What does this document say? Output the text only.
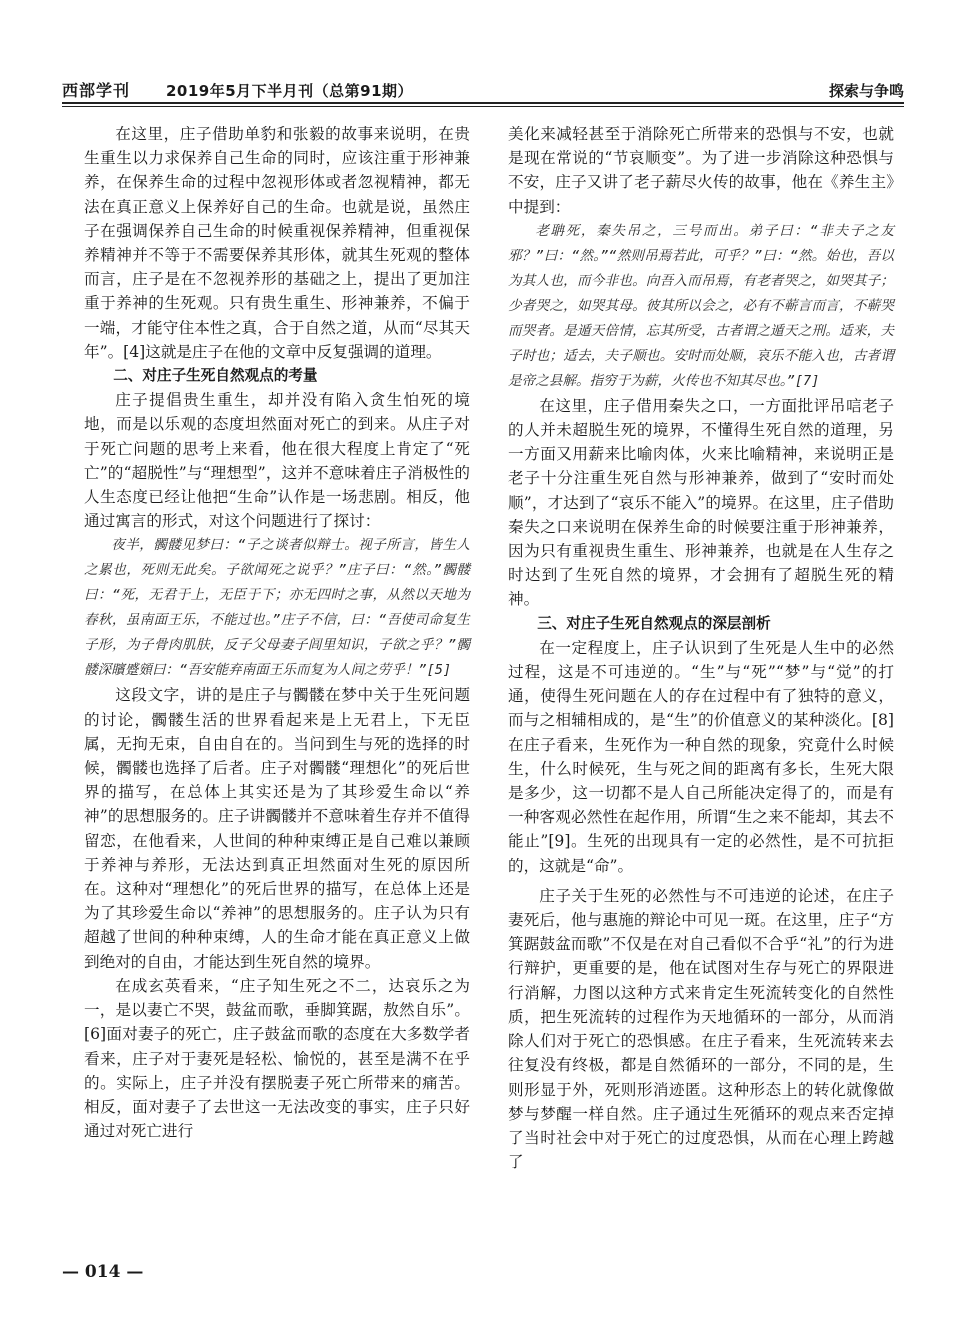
西部学刊 2019年5月下半月刊（总第91期）	探索与争鸣

在这里，庄子借助单豹和张毅的故事来说明，在贵生重生以力求保养自己生命的同时，应该注重于形神兼养，在保养生命的过程中忽视形体或者忽视精神，都无法在真正意义上保养好自己的生命。也就是说，虽然庄子在强调保养自己生命的时候重视保养精神，但重视保养精神并不等于不需要保养其形体，就其生死观的整体而言，庄子是在不忽视养形的基础之上，提出了更加注重于养神的生死观。只有贵生重生、形神兼养，不偏于一端，才能守住本性之真，合于自然之道，从而“尽其天年”。[4]这就是庄子在他的文章中反复强调的道理。

二、对庄子生死自然观点的考量

庄子提倡贵生重生，却并没有陷入贪生怕死的境地，而是以乐观的态度坦然面对死亡的到来。从庄子对于死亡问题的思考上来看，他在很大程度上肯定了“死亡”的“超脱性”与“理想型”，这并不意味着庄子消极性的人生态度已经让他把“生命”认作是一场悲剧。相反，他通过寓言的形式，对这个问题进行了探讨：

夜半，髑髅见梦曰：“子之谈者似辩士。视子所言，皆生人之累也，死则无此矣。子欲闻死之说乎？”庄子曰：“然。”髑髅曰：“死，无君于上，无臣于下；亦无四时之事，从然以天地为春秋，虽南面王乐，不能过也。”庄子不信，曰：“吾使司命复生子形，为子骨肉肌肤，反子父母妻子闾里知识，子欲之乎？”髑髅深矉蹙頞曰：“吾安能弃南面王乐而复为人间之劳乎！”[5]

这段文字，讲的是庄子与髑髅在梦中关于生死问题的讨论，髑髅生活的世界看起来是上无君上，下无臣属，无拘无束，自由自在的。当问到生与死的选择的时候，髑髅也选择了后者。庄子对髑髅“理想化”的死后世界的描写，在总体上其实还是为了其珍爱生命以“养神”的思想服务的。庄子讲髑髅并不意味着生存并不值得留恋，在他看来，人世间的种种束缚正是自己难以兼顾于养神与养形，无法达到真正坦然面对生死的原因所在。这种对“理想化”的死后世界的描写，在总体上还是为了其珍爱生命以“养神”的思想服务的。庄子认为只有超越了世间的种种束缚，人的生命才能在真正意义上做到绝对的自由，才能达到生死自然的境界。

在成玄英看来，“庄子知生死之不二，达哀乐之为一，是以妻亡不哭，鼓盆而歌，垂脚箕踞，敖然自乐”。[6]面对妻子的死亡，庄子鼓盆而歌的态度在大多数学者看来，庄子对于妻死是轻松、愉悦的，甚至是满不在乎的。实际上，庄子并没有摆脱妻子死亡所带来的痛苦。相反，面对妻子了去世这一无法改变的事实，庄子只好通过对死亡进行

美化来减轻甚至于消除死亡所带来的恐惧与不安，也就是现在常说的“节哀顺变”。为了进一步消除这种恐惧与不安，庄子又讲了老子薪尽火传的故事，他在《养生主》中提到：

老聃死，秦失吊之，三号而出。弟子曰：“非夫子之友邪？”曰：“然。”“然则吊焉若此，可乎？”曰：“然。始也，吾以为其人也，而今非也。向吾入而吊焉，有老者哭之，如哭其子；少者哭之，如哭其母。彼其所以会之，必有不蕲言而言，不蕲哭而哭者。是遁天倍情，忘其所受，古者谓之遁天之刑。适来，夫子时也；适去，夫子顺也。安时而处顺，哀乐不能入也，古者谓是帝之县解。指穷于为薪，火传也不知其尽也。”[7]

在这里，庄子借用秦失之口，一方面批评吊唁老子的人并未超脱生死的境界，不懂得生死自然的道理，另一方面又用薪来比喻肉体，火来比喻精神，来说明正是老子十分注重生死自然与形神兼养，做到了“安时而处顺”，才达到了“哀乐不能入”的境界。在这里，庄子借助秦失之口来说明在保养生命的时候要注重于形神兼养，因为只有重视贵生重生、形神兼养，也就是在人生存之时达到了生死自然的境界，才会拥有了超脱生死的精神。

三、对庄子生死自然观点的深层剖析

在一定程度上，庄子认识到了生死是人生中的必然过程，这是不可违逆的。“生”与“死”“梦”与“觉”的打通，使得生死问题在人的存在过程中有了独特的意义，而与之相辅相成的，是“生”的价值意义的某种淡化。[8]在庄子看来，生死作为一种自然的现象，究竟什么时候生，什么时候死，生与死之间的距离有多长，生死大限是多少，这一切都不是人自己所能决定得了的，而是有一种客观必然性在起作用，所谓“生之来不能却，其去不能止”[9]。生死的出现具有一定的必然性，是不可抗拒的，这就是“命”。

庄子关于生死的必然性与不可违逆的论述，在庄子妻死后，他与惠施的辩论中可见一斑。在这里，庄子“方箕踞鼓盆而歌”不仅是在对自己看似不合乎“礼”的行为进行辩护，更重要的是，他在试图对生存与死亡的界限进行消解，力图以这种方式来肯定生死流转变化的自然性质，把生死流转的过程作为天地循环的一部分，从而消除人们对于死亡的恐惧感。在庄子看来，生死流转来去往复没有终极，都是自然循环的一部分，不同的是，生则形显于外，死则形消迹匿。这种形态上的转化就像做梦与梦醒一样自然。庄子通过生死循环的观点来否定掉了当时社会中对于死亡的过度恐惧，从而在心理上跨越了

— 014 —
